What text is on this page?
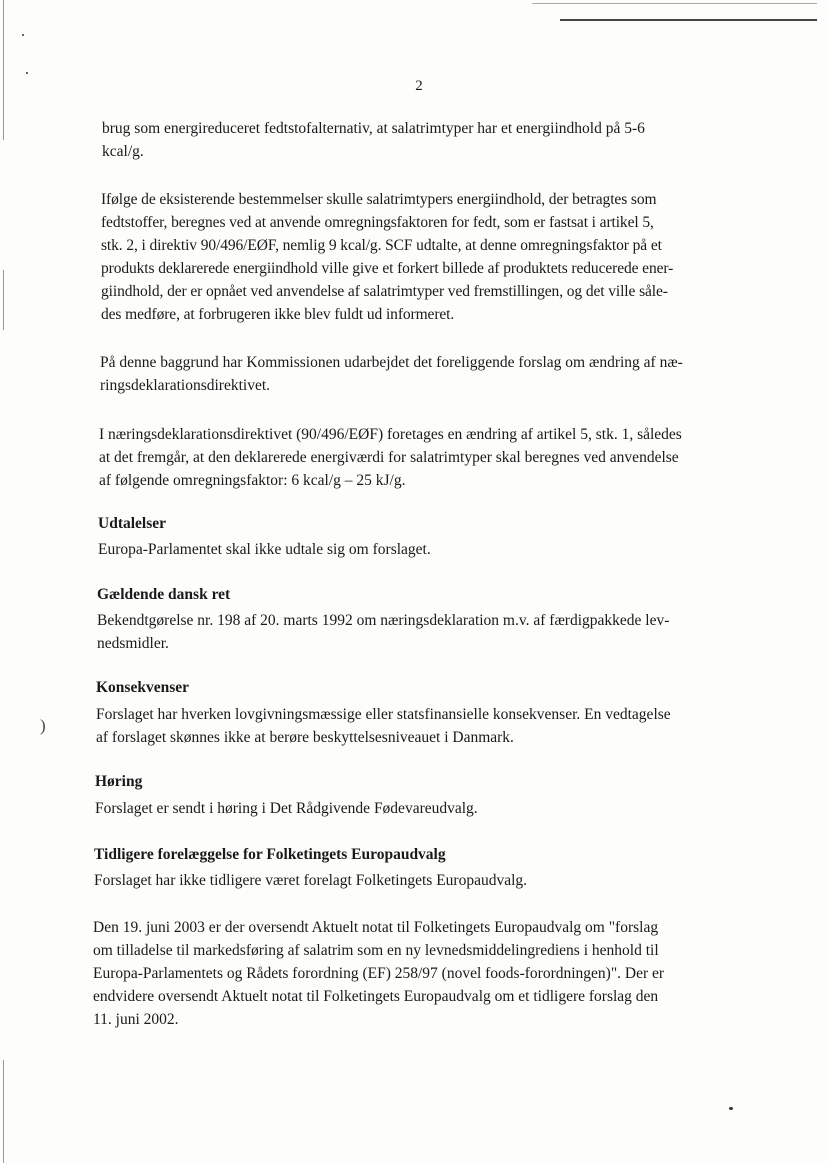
2
brug som energireduceret fedtstofalternativ, at salatrimtyper har et energiindhold på 5-6
kcal/g.
Ifølge de eksisterende bestemmelser skulle salatrimtypers energiindhold, der betragtes som
fedtstoffer, beregnes ved at anvende omregningsfaktoren for fedt, som er fastsat i artikel 5,
stk. 2, i direktiv 90/496/EØF, nemlig 9 kcal/g. SCF udtalte, at denne omregningsfaktor på et
produkts deklarerede energiindhold ville give et forkert billede af produktets reducerede ener-
giindhold, der er opnået ved anvendelse af salatrimtyper ved fremstillingen, og det ville såle-
des medføre, at forbrugeren ikke blev fuldt ud informeret.
På denne baggrund har Kommissionen udarbejdet det foreliggende forslag om ændring af næ-
ringsdeklarationsdirektivet.
I næringsdeklarationsdirektivet (90/496/EØF) foretages en ændring af artikel 5, stk. 1, således
at det fremgår, at den deklarerede energiværdi for salatrimtyper skal beregnes ved anvendelse
af følgende omregningsfaktor: 6 kcal/g – 25 kJ/g.
Udtalelser
Europa-Parlamentet skal ikke udtale sig om forslaget.
Gældende dansk ret
Bekendtgørelse nr. 198 af 20. marts 1992 om næringsdeklaration m.v. af færdigpakkede lev-
nedsmidler.
Konsekvenser
Forslaget har hverken lovgivningsmæssige eller statsfinansielle konsekvenser. En vedtagelse
af forslaget skønnes ikke at berøre beskyttelsesniveauet i Danmark.
)
Høring
Forslaget er sendt i høring i Det Rådgivende Fødevareudvalg.
Tidligere forelæggelse for Folketingets Europaudvalg
Forslaget har ikke tidligere været forelagt Folketingets Europaudvalg.
Den 19. juni 2003 er der oversendt Aktuelt notat til Folketingets Europaudvalg om "forslag
om tilladelse til markedsføring af salatrim som en ny levnedsmiddelingrediens i henhold til
Europa-Parlamentets og Rådets forordning (EF) 258/97 (novel foods-forordningen)". Der er
endvidere oversendt Aktuelt notat til Folketingets Europaudvalg om et tidligere forslag den
11. juni 2002.
